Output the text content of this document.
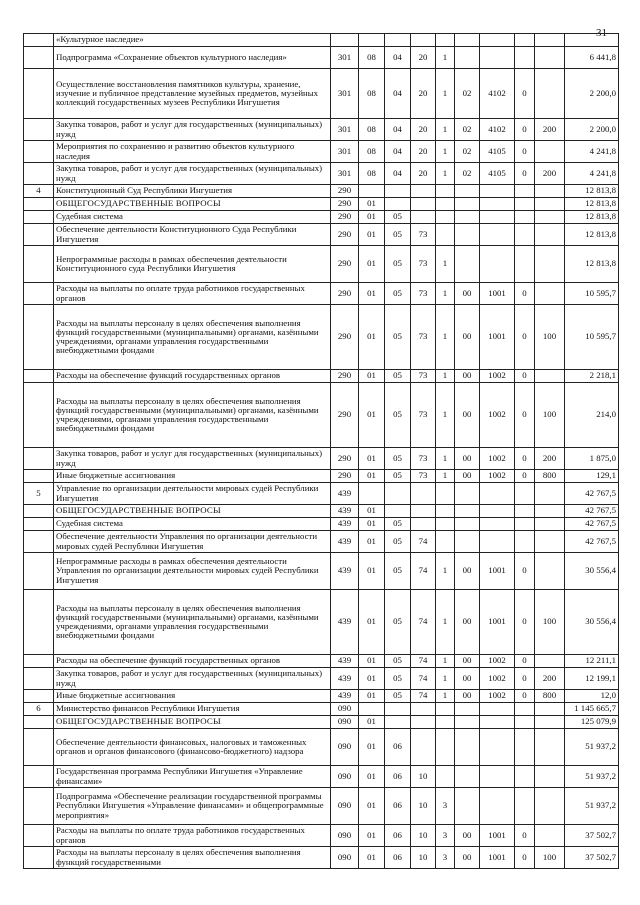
31
	«Культурное наследие»										
	Подпрограмма «Сохранение объектов культурного наследия»	301	08	04	20	1					6 441,8
	Осуществление восстановления памятников культуры, хранение, изучение и публичное представление музейных предметов, музейных коллекций государственных музеев Республики Ингушетия	301	08	04	20	1	02	4102	0		2 200,0
	Закупка товаров, работ и услуг для государственных (муниципальных) нужд	301	08	04	20	1	02	4102	0	200	2 200,0
	Мероприятия по сохранению и развитию объектов культурного наследия	301	08	04	20	1	02	4105	0		4 241,8
	Закупка товаров, работ и услуг для государственных (муниципальных) нужд	301	08	04	20	1	02	4105	0	200	4 241,8
4	Конституционный Суд Республики Ингушетия	290									12 813,8
	ОБЩЕГОСУДАРСТВЕННЫЕ ВОПРОСЫ	290	01								12 813,8
	Судебная система	290	01	05							12 813,8
	Обеспечение деятельности Конституционного Суда Республики Ингушетия	290	01	05	73						12 813,8
	Непрограммные расходы в рамках обеспечения деятельности Конституционного суда Республики Ингушетия	290	01	05	73	1					12 813,8
	Расходы на выплаты по оплате труда работников государственных органов	290	01	05	73	1	00	1001	0		10 595,7
	Расходы на выплаты персоналу в целях обеспечения выполнения функций государственными (муниципальными) органами, казёнными учреждениями, органами управления государственными внебюджетными фондами	290	01	05	73	1	00	1001	0	100	10 595,7
	Расходы на обеспечение функций государственных органов	290	01	05	73	1	00	1002	0		2 218,1
	Расходы на выплаты персоналу в целях обеспечения выполнения функций государственными (муниципальными) органами, казёнными учреждениями, органами управления государственными внебюджетными фондами	290	01	05	73	1	00	1002	0	100	214,0
	Закупка товаров, работ и услуг для государственных (муниципальных) нужд	290	01	05	73	1	00	1002	0	200	1 875,0
	Иные бюджетные ассигнования	290	01	05	73	1	00	1002	0	800	129,1
5	Управление по организации деятельности мировых судей Республики Ингушетия	439									42 767,5
	ОБЩЕГОСУДАРСТВЕННЫЕ ВОПРОСЫ	439	01								42 767,5
	Судебная система	439	01	05							42 767,5
	Обеспечение деятельности Управления по организации деятельности мировых судей Республики Ингушетия	439	01	05	74						42 767,5
	Непрограммные расходы в рамках обеспечения деятельности Управления по организации деятельности мировых судей Республики Ингушетия	439	01	05	74	1	00	1001	0		30 556,4
	Расходы на выплаты персоналу в целях обеспечения выполнения функций государственными (муниципальными) органами, казёнными учреждениями, органами управления государственными внебюджетными фондами	439	01	05	74	1	00	1001	0	100	30 556,4
	Расходы на обеспечение функций государственных органов	439	01	05	74	1	00	1002	0		12 211,1
	Закупка товаров, работ и услуг для государственных (муниципальных) нужд	439	01	05	74	1	00	1002	0	200	12 199,1
	Иные бюджетные ассигнования	439	01	05	74	1	00	1002	0	800	12,0
6	Министерство финансов Республики Ингушетия	090									1 145 665,7
	ОБЩЕГОСУДАРСТВЕННЫЕ ВОПРОСЫ	090	01								125 079,9
	Обеспечение деятельности финансовых, налоговых и таможенных органов и органов финансового (финансово-бюджетного) надзора	090	01	06							51 937,2
	Государственная программа Республики Ингушетия «Управление финансами»	090	01	06	10						51 937,2
	Подпрограмма «Обеспечение реализации государственной программы Республики Ингушетия «Управление финансами» и общепрограммные мероприятия»	090	01	06	10	3					51 937,2
	Расходы на выплаты по оплате труда работников государственных органов	090	01	06	10	3	00	1001	0		37 502,7
	Расходы на выплаты персоналу в целях обеспечения выполнения функций государственными	090	01	06	10	3	00	1001	0	100	37 502,7
